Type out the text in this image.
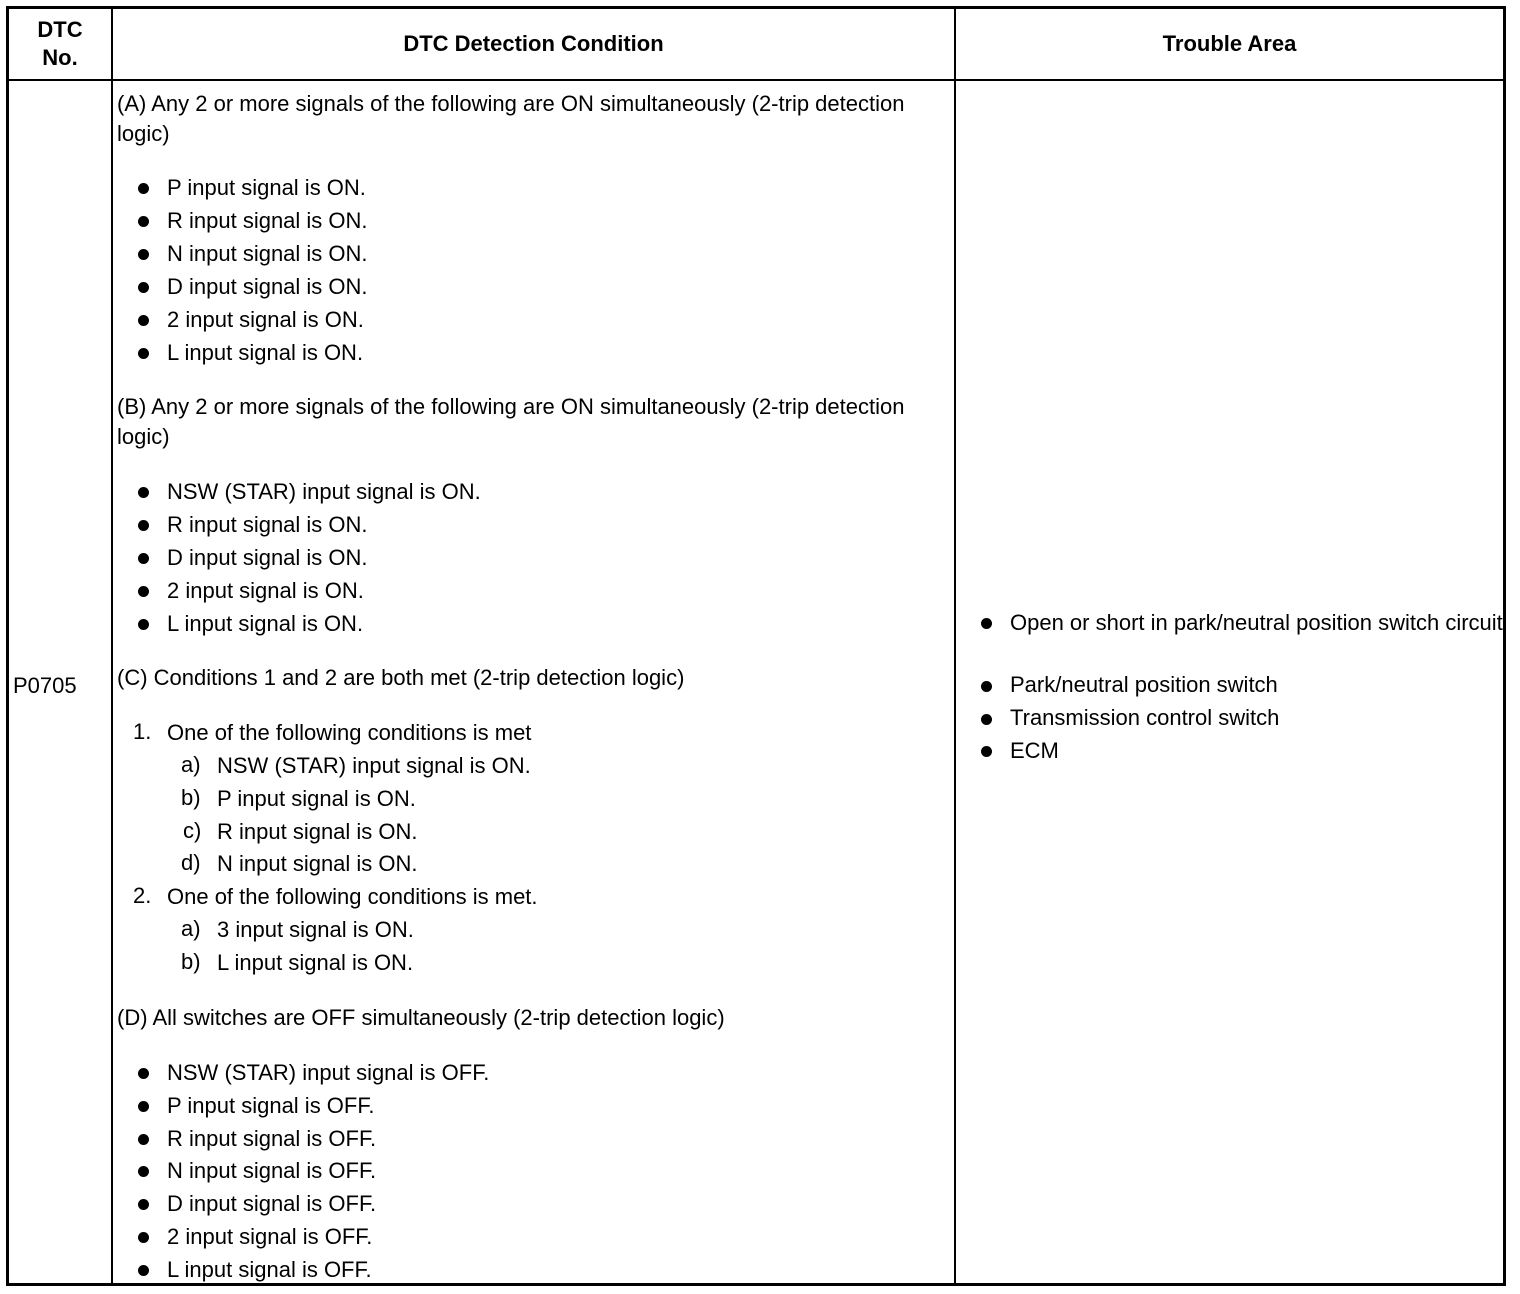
DTC No.
DTC Detection Condition	Trouble Area
P0705
(A) Any 2 or more signals of the following are ON simultaneously (2-trip detection logic)
P input signal is ON.
R input signal is ON.
N input signal is ON.
D input signal is ON.
2 input signal is ON.
L input signal is ON.
(B) Any 2 or more signals of the following are ON simultaneously (2-trip detection logic)
NSW (STAR) input signal is ON.
R input signal is ON.
D input signal is ON.
2 input signal is ON.
L input signal is ON.
(C) Conditions 1 and 2 are both met (2-trip detection logic)
1. One of the following conditions is met
a) NSW (STAR) input signal is ON.
b) P input signal is ON.
c) R input signal is ON.
d) N input signal is ON.
2. One of the following conditions is met.
a) 3 input signal is ON.
b) L input signal is ON.
(D) All switches are OFF simultaneously (2-trip detection logic)
NSW (STAR) input signal is OFF.
P input signal is OFF.
R input signal is OFF.
N input signal is OFF.
D input signal is OFF.
2 input signal is OFF.
L input signal is OFF.
Open or short in park/neutral position switch circuit
Park/neutral position switch
Transmission control switch
ECM
